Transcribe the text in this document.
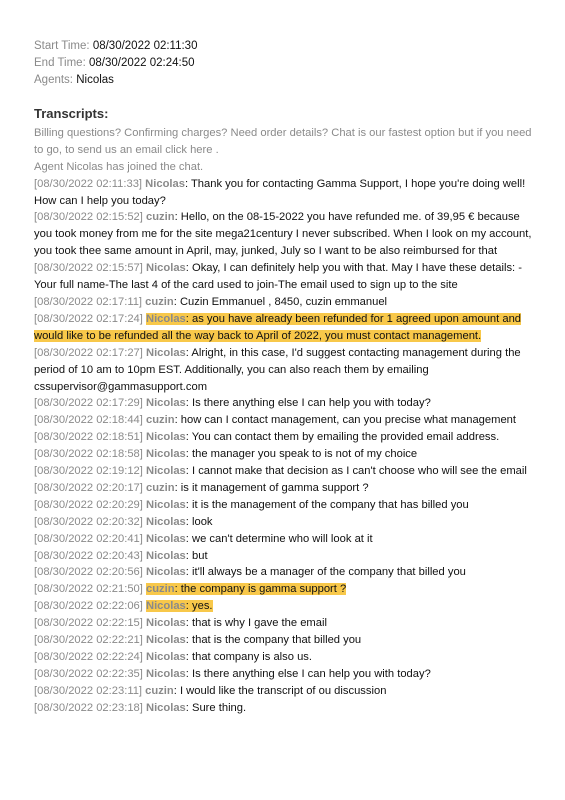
Start Time: 08/30/2022 02:11:30
End Time: 08/30/2022 02:24:50
Agents: Nicolas
Transcripts:
Billing questions? Confirming charges? Need order details? Chat is our fastest option but if you need to go, to send us an email click here .
Agent Nicolas has joined the chat.
[08/30/2022 02:11:33] Nicolas: Thank you for contacting Gamma Support, I hope you're doing well! How can I help you today?
[08/30/2022 02:15:52] cuzin: Hello, on the 08-15-2022 you have refunded me. of 39,95 € because you took money from me for the site mega21century I never subscribed. When I look on my account, you took thee same amount in April, may, junked, July so I want to be also reimbursed for that
[08/30/2022 02:15:57] Nicolas: Okay, I can definitely help you with that. May I have these details: - Your full name-The last 4 of the card used to join-The email used to sign up to the site
[08/30/2022 02:17:11] cuzin: Cuzin Emmanuel , 8450, cuzin emmanuel
[08/30/2022 02:17:24] Nicolas: as you have already been refunded for 1 agreed upon amount and would like to be refunded all the way back to April of 2022, you must contact management.
[08/30/2022 02:17:27] Nicolas: Alright, in this case, I'd suggest contacting management during the period of 10 am to 10pm EST. Additionally, you can also reach them by emailing cssupervisor@gammasupport.com
[08/30/2022 02:17:29] Nicolas: Is there anything else I can help you with today?
[08/30/2022 02:18:44] cuzin: how can I contact management, can you precise what management
[08/30/2022 02:18:51] Nicolas: You can contact them by emailing the provided email address.
[08/30/2022 02:18:58] Nicolas: the manager you speak to is not of my choice
[08/30/2022 02:19:12] Nicolas: I cannot make that decision as I can't choose who will see the email
[08/30/2022 02:20:17] cuzin: is it management of gamma support ?
[08/30/2022 02:20:29] Nicolas: it is the management of the company that has billed you
[08/30/2022 02:20:32] Nicolas: look
[08/30/2022 02:20:41] Nicolas: we can't determine who will look at it
[08/30/2022 02:20:43] Nicolas: but
[08/30/2022 02:20:56] Nicolas: it'll always be a manager of the company that billed you
[08/30/2022 02:21:50] cuzin: the company is gamma support ?
[08/30/2022 02:22:06] Nicolas: yes.
[08/30/2022 02:22:15] Nicolas: that is why I gave the email
[08/30/2022 02:22:21] Nicolas: that is the company that billed you
[08/30/2022 02:22:24] Nicolas: that company is also us.
[08/30/2022 02:22:35] Nicolas: Is there anything else I can help you with today?
[08/30/2022 02:23:11] cuzin: I would like the transcript of ou discussion
[08/30/2022 02:23:18] Nicolas: Sure thing.
